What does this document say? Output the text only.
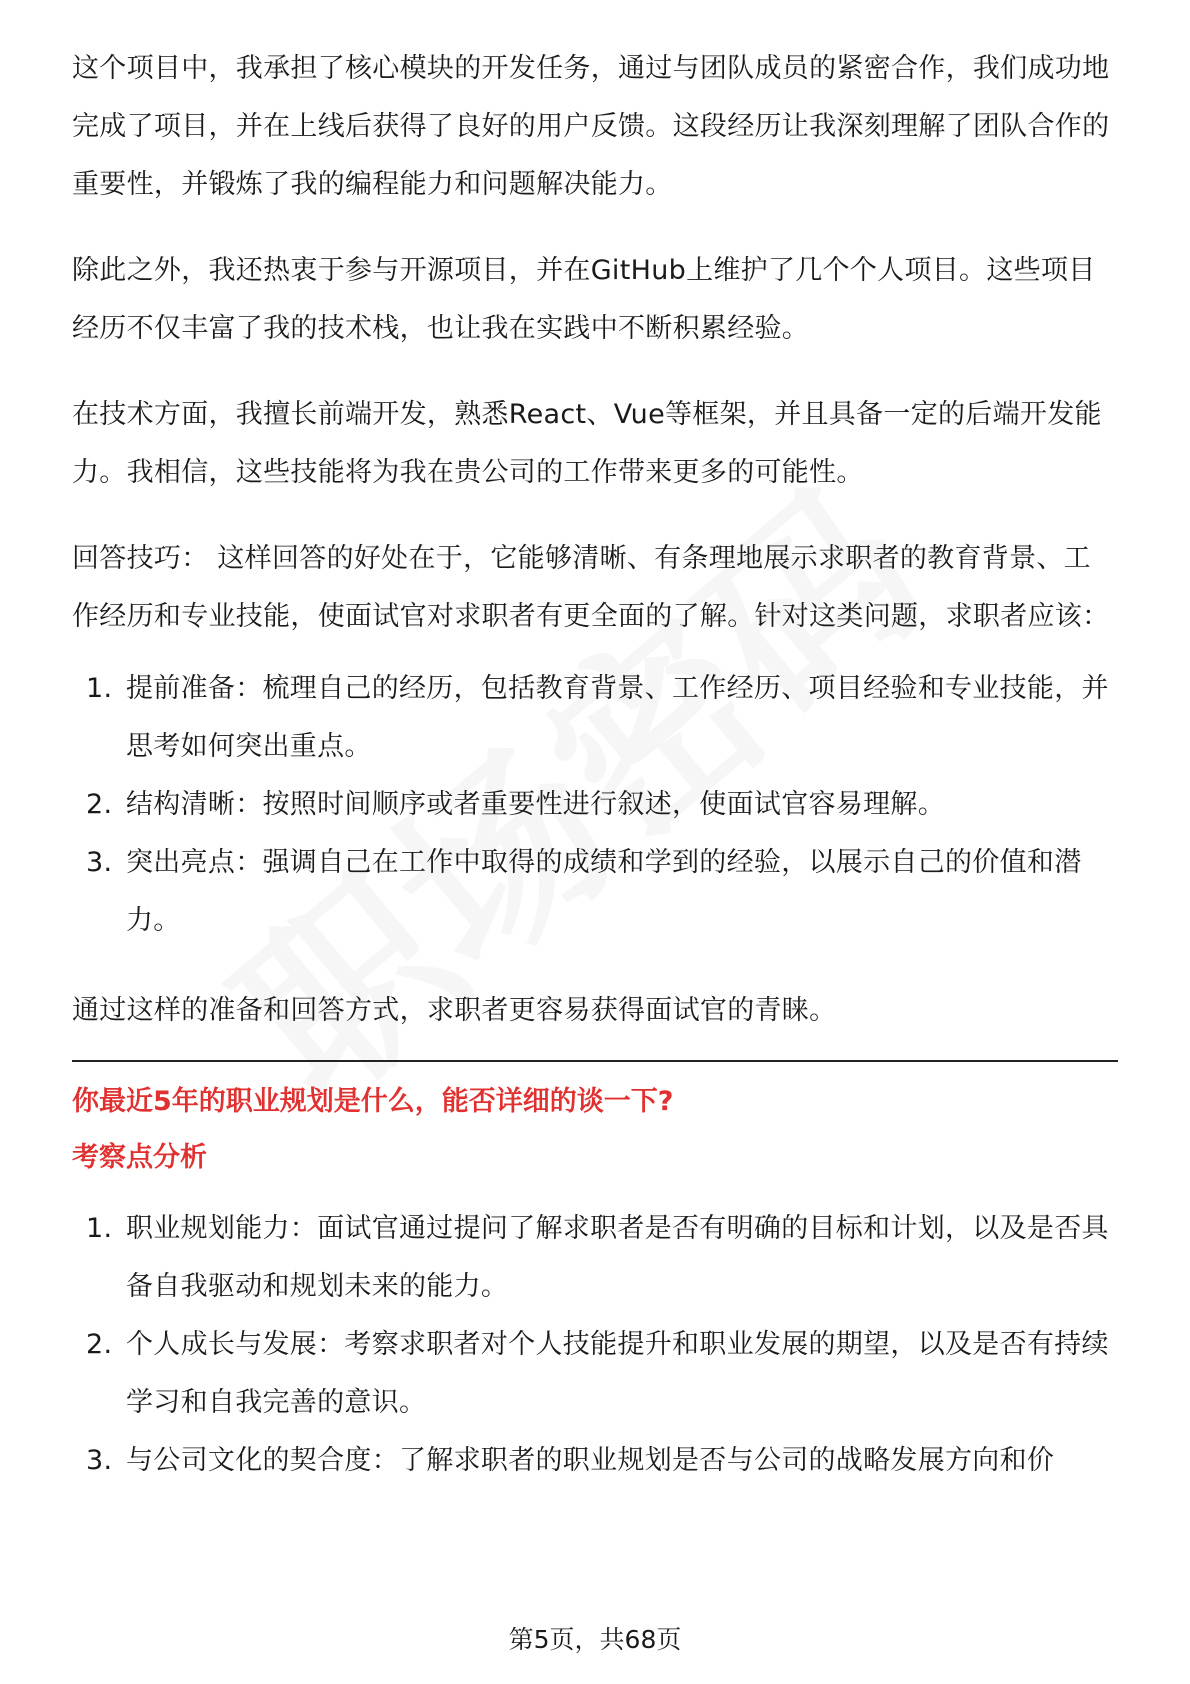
这个项目中，我承担了核心模块的开发任务，通过与团队成员的紧密合作，我们成功地完成了项目，并在上线后获得了良好的用户反馈。这段经历让我深刻理解了团队合作的重要性，并锻炼了我的编程能力和问题解决能力。

除此之外，我还热衷于参与开源项目，并在GitHub上维护了几个个人项目。这些项目经历不仅丰富了我的技术栈，也让我在实践中不断积累经验。

在技术方面，我擅长前端开发，熟悉React、Vue等框架，并且具备一定的后端开发能力。我相信，这些技能将为我在贵公司的工作带来更多的可能性。

回答技巧： 这样回答的好处在于，它能够清晰、有条理地展示求职者的教育背景、工作经历和专业技能，使面试官对求职者有更全面的了解。针对这类问题，求职者应该：

1. 提前准备：梳理自己的经历，包括教育背景、工作经历、项目经验和专业技能，并思考如何突出重点。
2. 结构清晰：按照时间顺序或者重要性进行叙述，使面试官容易理解。
3. 突出亮点：强调自己在工作中取得的成绩和学到的经验，以展示自己的价值和潜力。

通过这样的准备和回答方式，求职者更容易获得面试官的青睐。

你最近5年的职业规划是什么，能否详细的谈一下?
考察点分析
1. 职业规划能力：面试官通过提问了解求职者是否有明确的目标和计划，以及是否具备自我驱动和规划未来的能力。
2. 个人成长与发展：考察求职者对个人技能提升和职业发展的期望，以及是否有持续学习和自我完善的意识。
3. 与公司文化的契合度：了解求职者的职业规划是否与公司的战略发展方向和价
第5页，共68页
